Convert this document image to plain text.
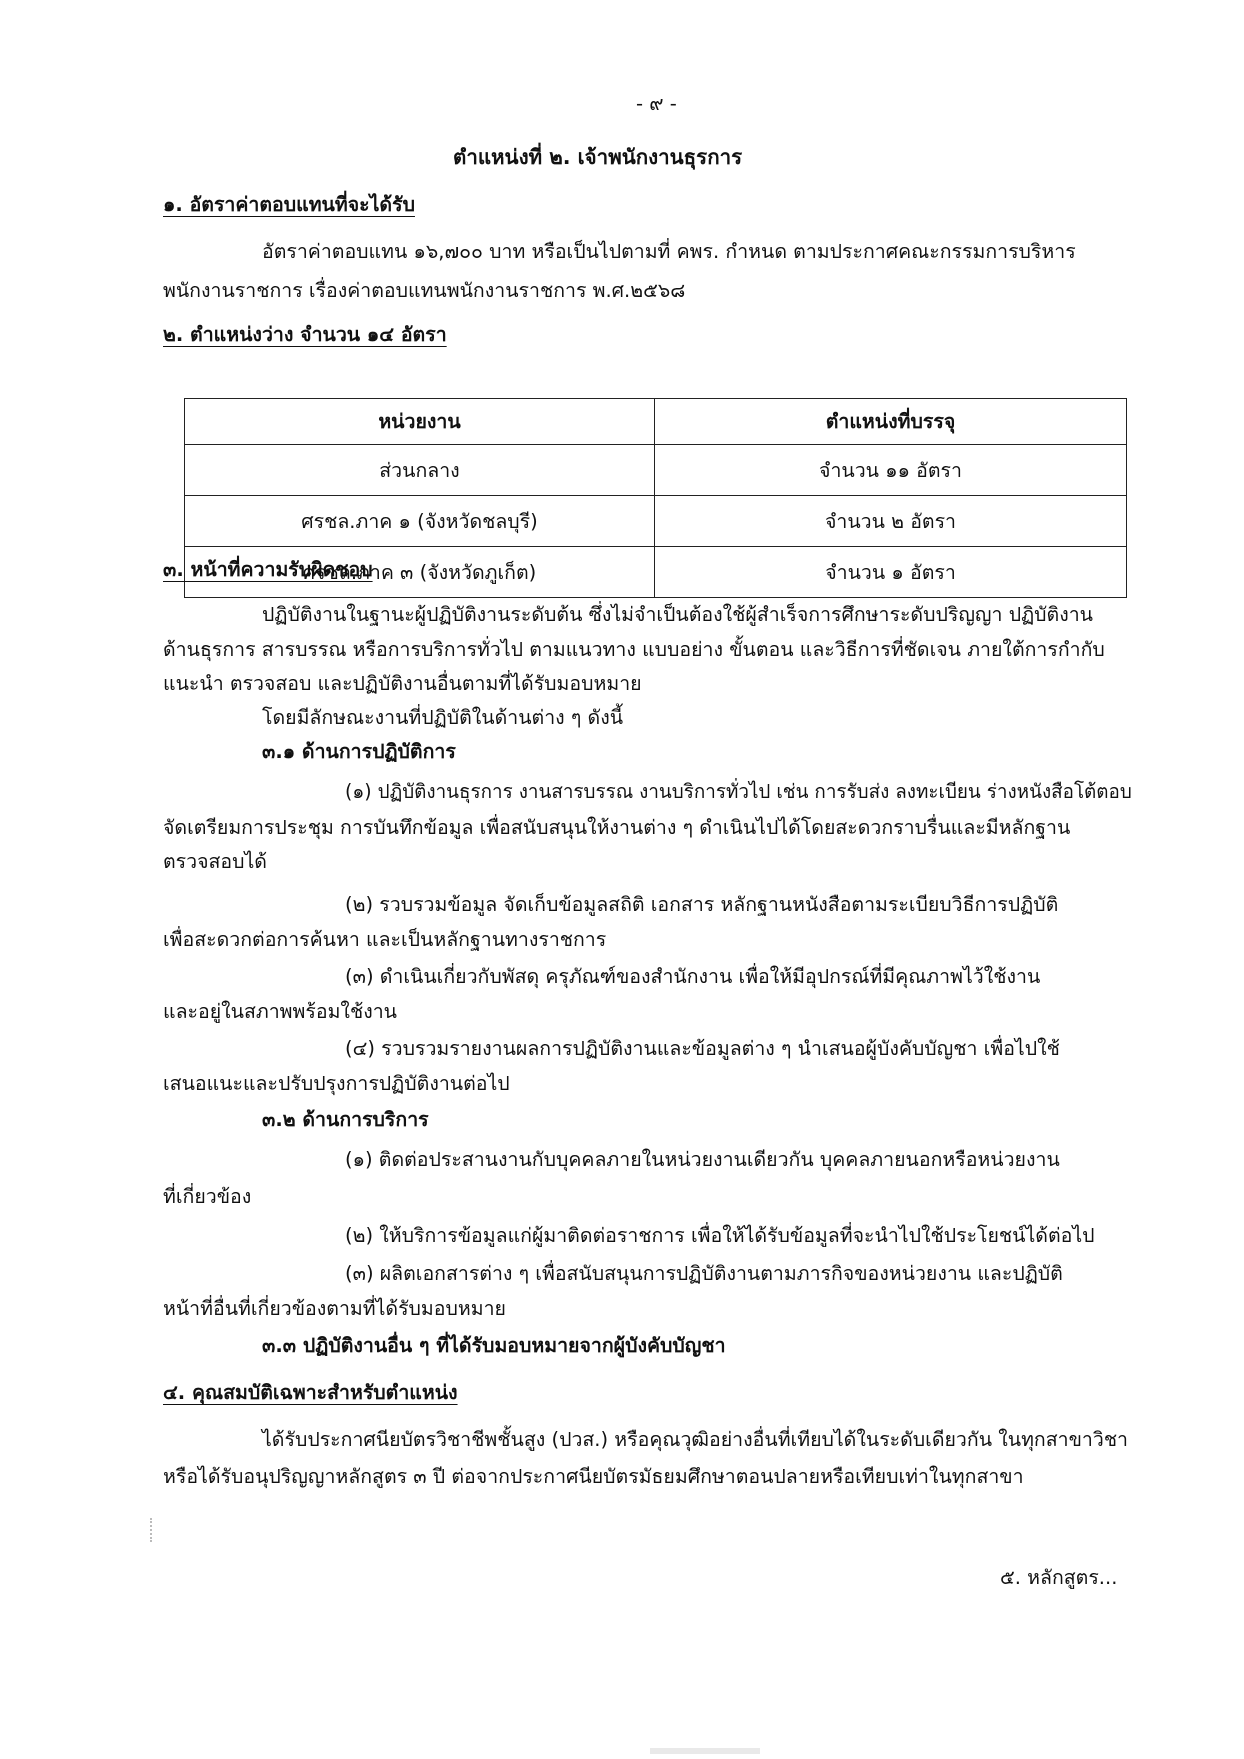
- ๙ -
ตำแหน่งที่ ๒. เจ้าพนักงานธุรการ
๑. อัตราค่าตอบแทนที่จะได้รับ
อัตราค่าตอบแทน ๑๖,๗๐๐ บาท หรือเป็นไปตามที่ คพร. กำหนด ตามประกาศคณะกรรมการบริหาร
พนักงานราชการ เรื่องค่าตอบแทนพนักงานราชการ พ.ศ.๒๕๖๘
๒. ตำแหน่งว่าง จำนวน ๑๔ อัตรา
หน่วยงาน	ตำแหน่งที่บรรจุ
ส่วนกลาง	จำนวน ๑๑ อัตรา
ศรชล.ภาค ๑ (จังหวัดชลบุรี)	จำนวน ๒ อัตรา
ศรชล.ภาค ๓ (จังหวัดภูเก็ต)	จำนวน ๑ อัตรา
๓. หน้าที่ความรับผิดชอบ
ปฏิบัติงานในฐานะผู้ปฏิบัติงานระดับต้น ซึ่งไม่จำเป็นต้องใช้ผู้สำเร็จการศึกษาระดับปริญญา ปฏิบัติงาน
ด้านธุรการ สารบรรณ หรือการบริการทั่วไป ตามแนวทาง แบบอย่าง ขั้นตอน และวิธีการที่ชัดเจน ภายใต้การกำกับ
แนะนำ ตรวจสอบ และปฏิบัติงานอื่นตามที่ได้รับมอบหมาย
โดยมีลักษณะงานที่ปฏิบัติในด้านต่าง ๆ ดังนี้
๓.๑ ด้านการปฏิบัติการ
(๑) ปฏิบัติงานธุรการ งานสารบรรณ งานบริการทั่วไป เช่น การรับส่ง ลงทะเบียน ร่างหนังสือโต้ตอบ
จัดเตรียมการประชุม การบันทึกข้อมูล เพื่อสนับสนุนให้งานต่าง ๆ ดำเนินไปได้โดยสะดวกราบรื่นและมีหลักฐาน
ตรวจสอบได้
(๒) รวบรวมข้อมูล จัดเก็บข้อมูลสถิติ เอกสาร หลักฐานหนังสือตามระเบียบวิธีการปฏิบัติ
เพื่อสะดวกต่อการค้นหา และเป็นหลักฐานทางราชการ
(๓) ดำเนินเกี่ยวกับพัสดุ ครุภัณฑ์ของสำนักงาน เพื่อให้มีอุปกรณ์ที่มีคุณภาพไว้ใช้งาน
และอยู่ในสภาพพร้อมใช้งาน
(๔) รวบรวมรายงานผลการปฏิบัติงานและข้อมูลต่าง ๆ นำเสนอผู้บังคับบัญชา เพื่อไปใช้
เสนอแนะและปรับปรุงการปฏิบัติงานต่อไป
๓.๒ ด้านการบริการ
(๑) ติดต่อประสานงานกับบุคคลภายในหน่วยงานเดียวกัน บุคคลภายนอกหรือหน่วยงาน
ที่เกี่ยวข้อง
(๒) ให้บริการข้อมูลแก่ผู้มาติดต่อราชการ เพื่อให้ได้รับข้อมูลที่จะนำไปใช้ประโยชน์ได้ต่อไป
(๓) ผลิตเอกสารต่าง ๆ เพื่อสนับสนุนการปฏิบัติงานตามภารกิจของหน่วยงาน และปฏิบัติ
หน้าที่อื่นที่เกี่ยวข้องตามที่ได้รับมอบหมาย
๓.๓ ปฏิบัติงานอื่น ๆ ที่ได้รับมอบหมายจากผู้บังคับบัญชา
๔. คุณสมบัติเฉพาะสำหรับตำแหน่ง
ได้รับประกาศนียบัตรวิชาชีพชั้นสูง (ปวส.) หรือคุณวุฒิอย่างอื่นที่เทียบได้ในระดับเดียวกัน ในทุกสาขาวิชา
หรือได้รับอนุปริญญาหลักสูตร ๓ ปี ต่อจากประกาศนียบัตรมัธยมศึกษาตอนปลายหรือเทียบเท่าในทุกสาขา
๕. หลักสูตร...
